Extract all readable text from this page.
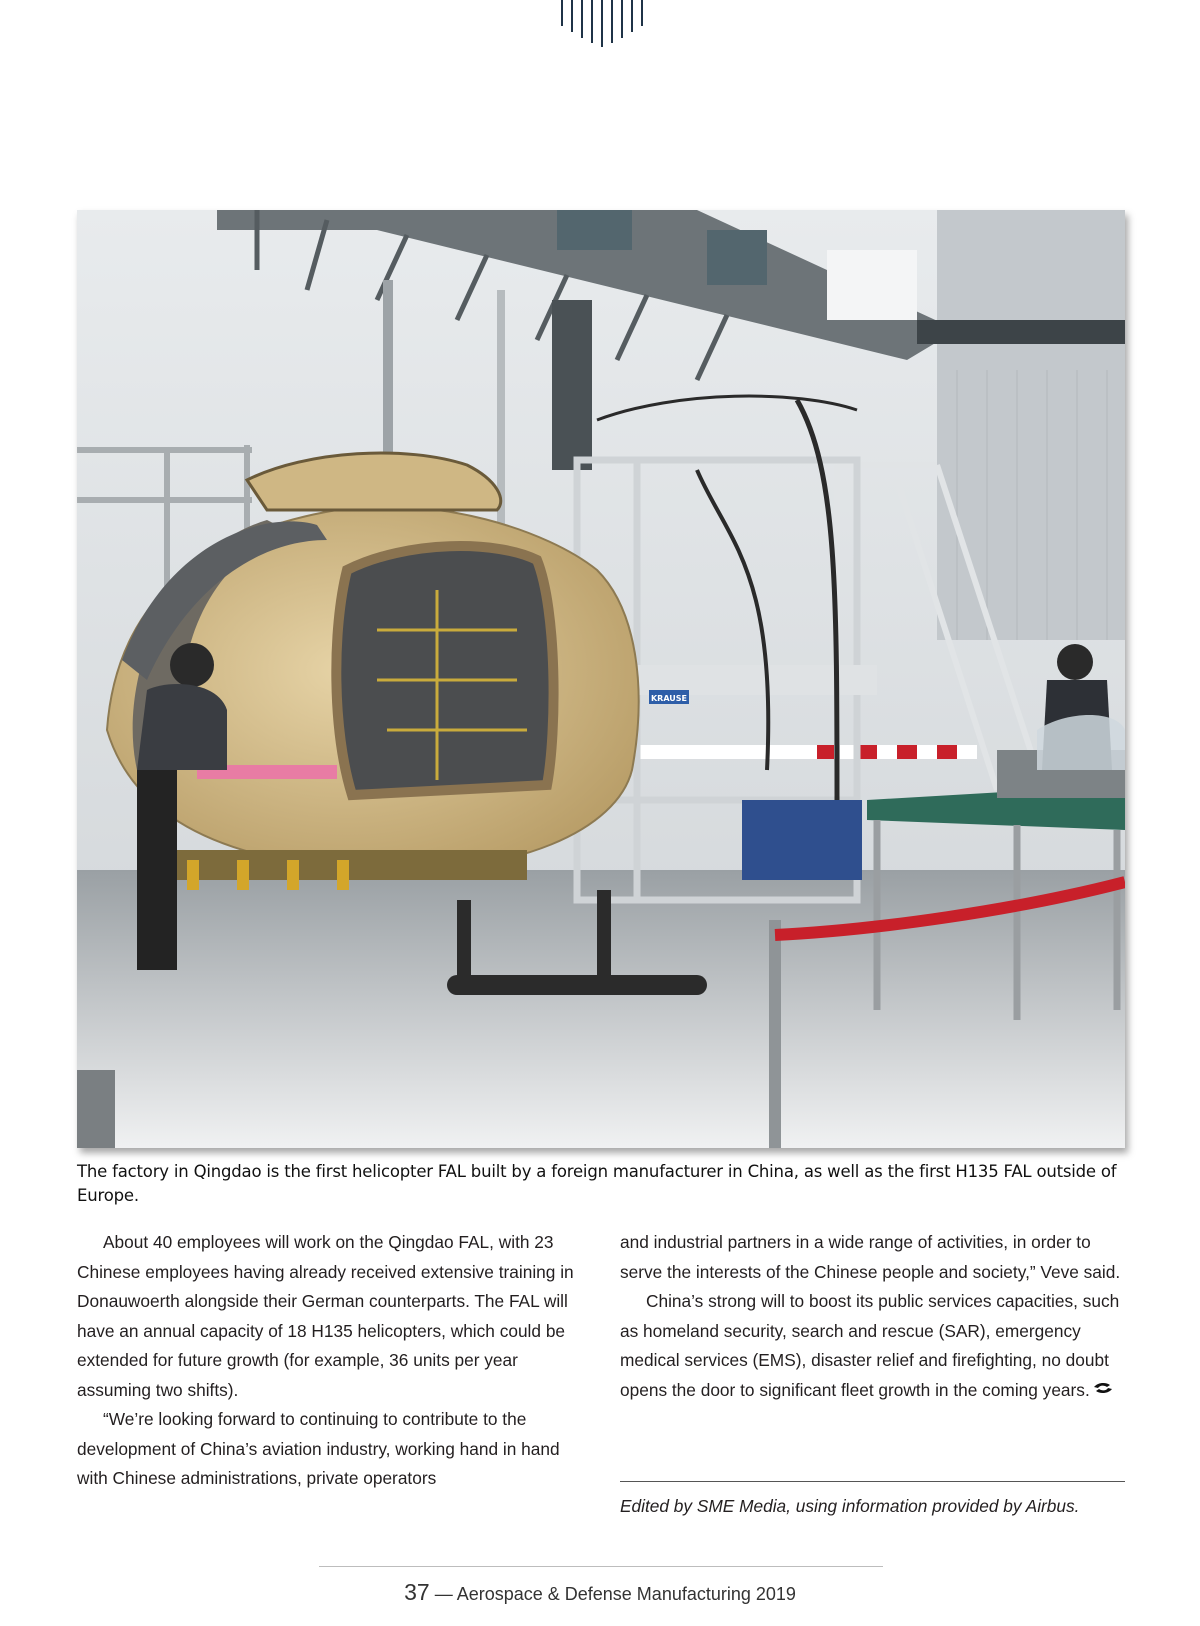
KRAUSE
The factory in Qingdao is the first helicopter FAL built by a foreign manufacturer in China, as well as the first H135 FAL outside of Europe.

About 40 employees will work on the Qingdao FAL, with 23 Chinese employees having already received extensive training in Donauwoerth alongside their German counterparts. The FAL will have an annual capacity of 18 H135 helicopters, which could be extended for future growth (for example, 36 units per year assuming two shifts).

“We’re looking forward to continuing to contribute to the development of China’s aviation industry, working hand in hand with Chinese administrations, private operators

and industrial partners in a wide range of activities, in order to serve the interests of the Chinese people and society,” Veve said.

China’s strong will to boost its public services capacities, such as homeland security, search and rescue (SAR), emergency medical services (EMS), disaster relief and firefighting, no doubt opens the door to significant fleet growth in the coming years.

Edited by SME Media, using information provided by Airbus.
37 — Aerospace & Defense Manufacturing 2019
